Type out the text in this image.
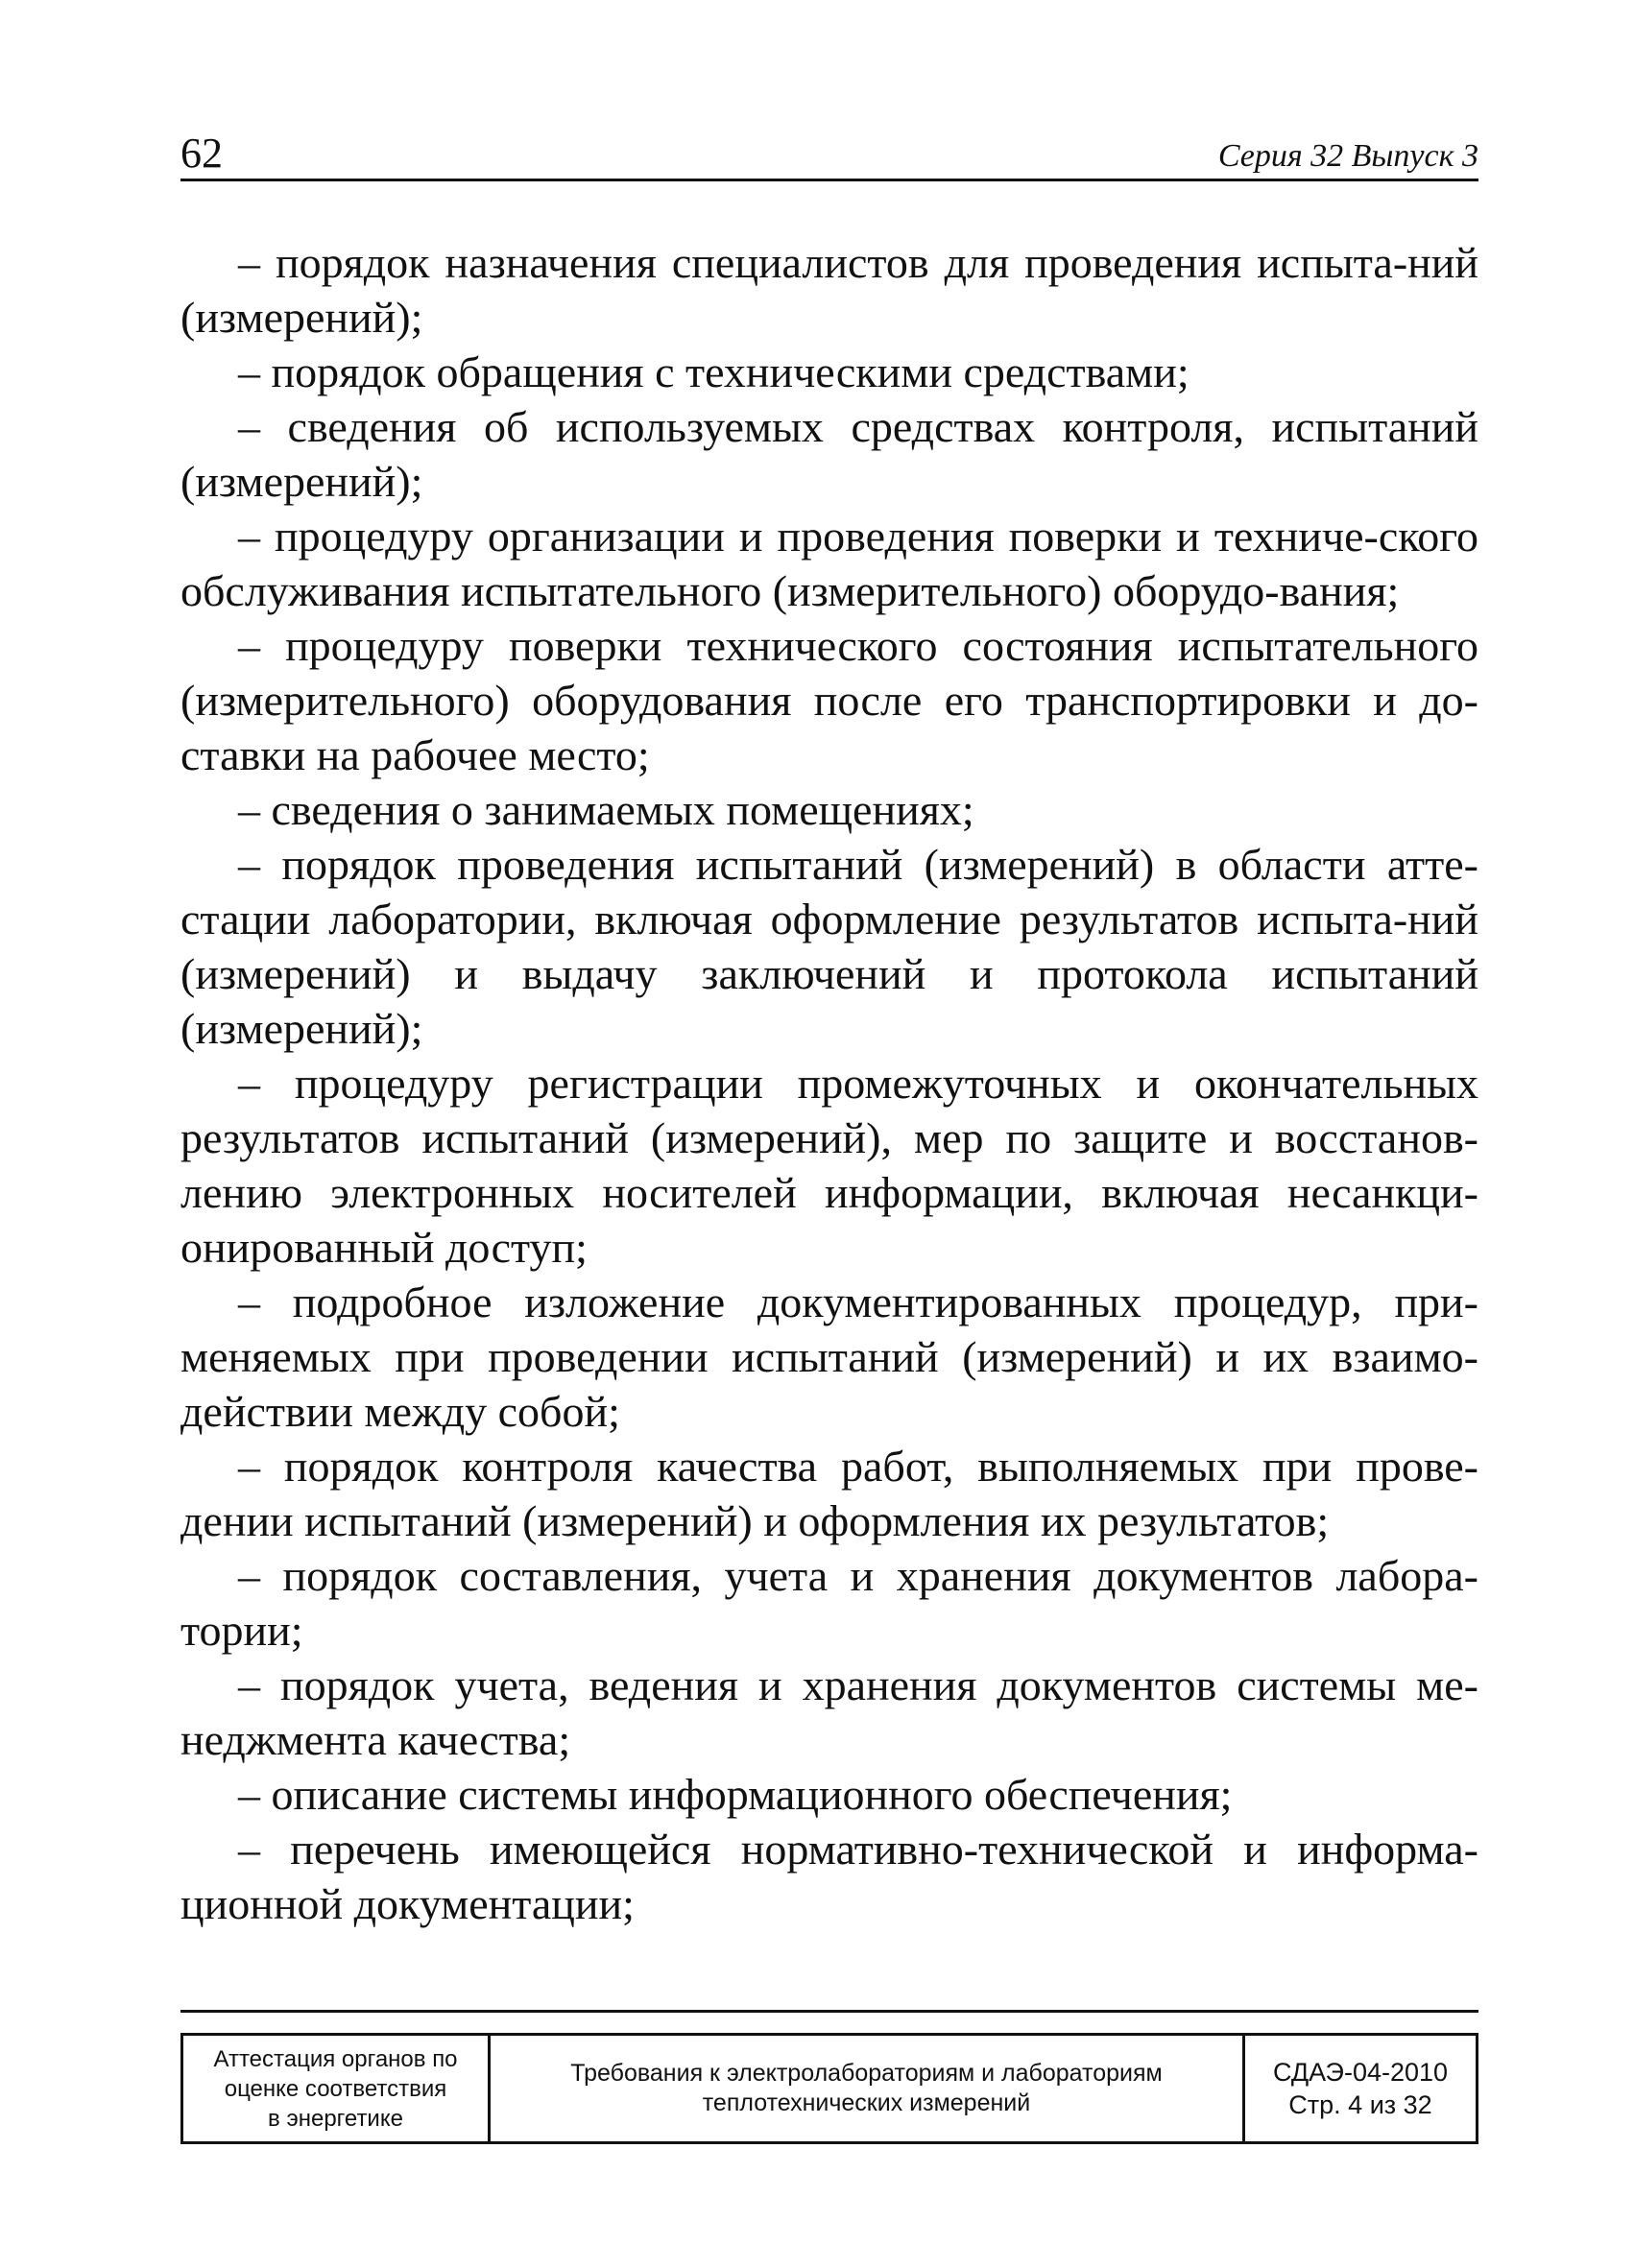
62	Серия 32 Выпуск 3

– порядок назначения специалистов для проведения испыта-ний (измерений);

– порядок обращения с техническими средствами;

– сведения об используемых средствах контроля, испытаний (измерений);

– процедуру организации и проведения поверки и техниче-ского обслуживания испытательного (измерительного) оборудо-вания;

– процедуру поверки технического состояния испытательного (измерительного) оборудования после его транспортировки и до-ставки на рабочее место;

– сведения о занимаемых помещениях;

– порядок проведения испытаний (измерений) в области атте-стации лаборатории, включая оформление результатов испыта-ний (измерений) и выдачу заключений и протокола испытаний (измерений);

– процедуру регистрации промежуточных и окончательных результатов испытаний (измерений), мер по защите и восстанов-лению электронных носителей информации, включая несанкци-онированный доступ;

– подробное изложение документированных процедур, при-меняемых при проведении испытаний (измерений) и их взаимо-действии между собой;

– порядок контроля качества работ, выполняемых при прове-дении испытаний (измерений) и оформления их результатов;

– порядок составления, учета и хранения документов лабора-тории;

– порядок учета, ведения и хранения документов системы ме-неджмента качества;

– описание системы информационного обеспечения;

– перечень имеющейся нормативно-технической и информа-ционной документации;

Аттестация органов по
оценке соответствия
в энергетике
Требования к электролабораториям и лабораториям
теплотехнических измерений
СДАЭ-04-2010
Стр. 4 из 32
